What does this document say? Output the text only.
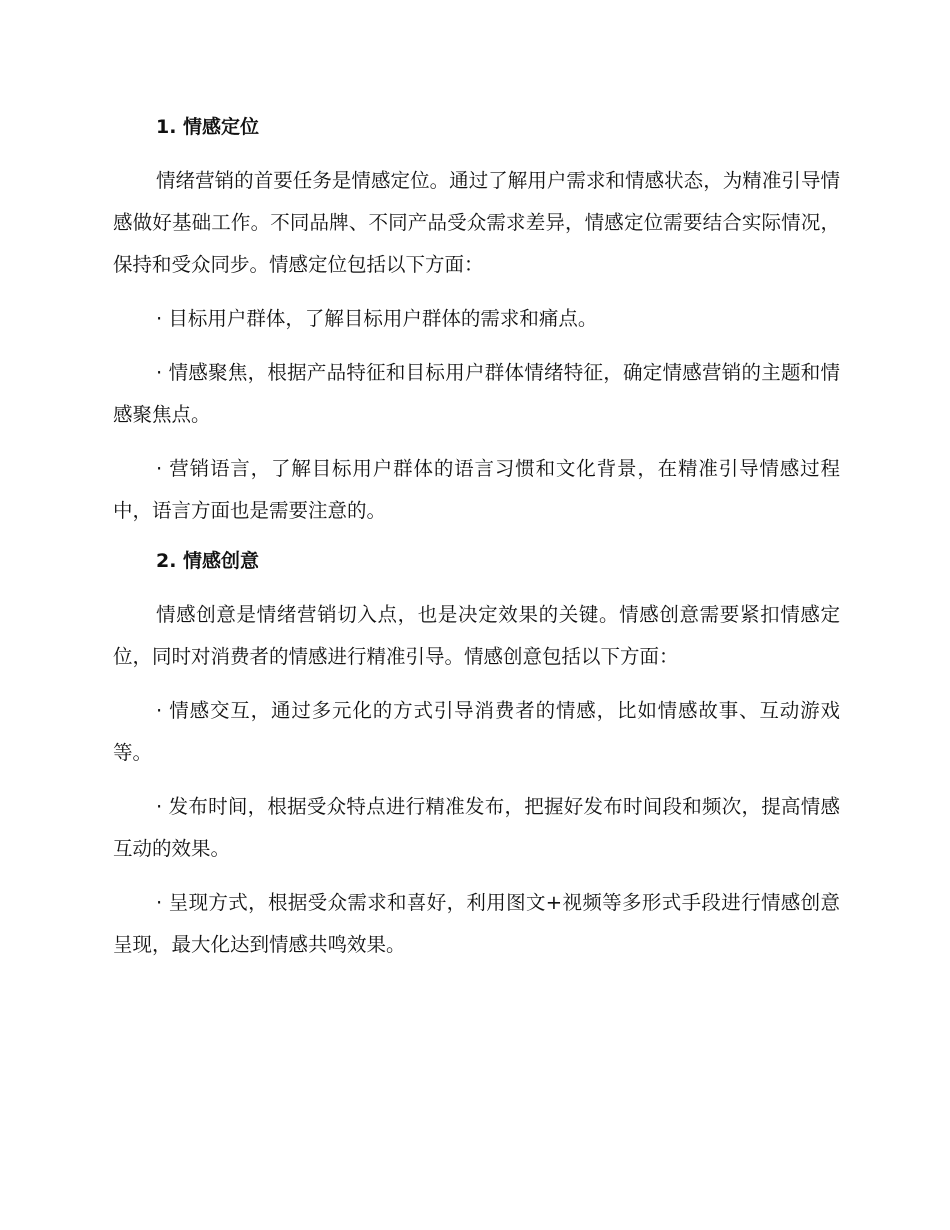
1. 情感定位

情绪营销的首要任务是情感定位。通过了解用户需求和情感状态，为精准引导情感做好基础工作。不同品牌、不同产品受众需求差异，情感定位需要结合实际情况，保持和受众同步。情感定位包括以下方面：

· 目标用户群体，了解目标用户群体的需求和痛点。

· 情感聚焦，根据产品特征和目标用户群体情绪特征，确定情感营销的主题和情感聚焦点。

· 营销语言，了解目标用户群体的语言习惯和文化背景，在精准引导情感过程中，语言方面也是需要注意的。

2. 情感创意

情感创意是情绪营销切入点，也是决定效果的关键。情感创意需要紧扣情感定位，同时对消费者的情感进行精准引导。情感创意包括以下方面：

· 情感交互，通过多元化的方式引导消费者的情感，比如情感故事、互动游戏等。

· 发布时间，根据受众特点进行精准发布，把握好发布时间段和频次，提高情感互动的效果。

· 呈现方式，根据受众需求和喜好，利用图文+视频等多形式手段进行情感创意呈现，最大化达到情感共鸣效果。
